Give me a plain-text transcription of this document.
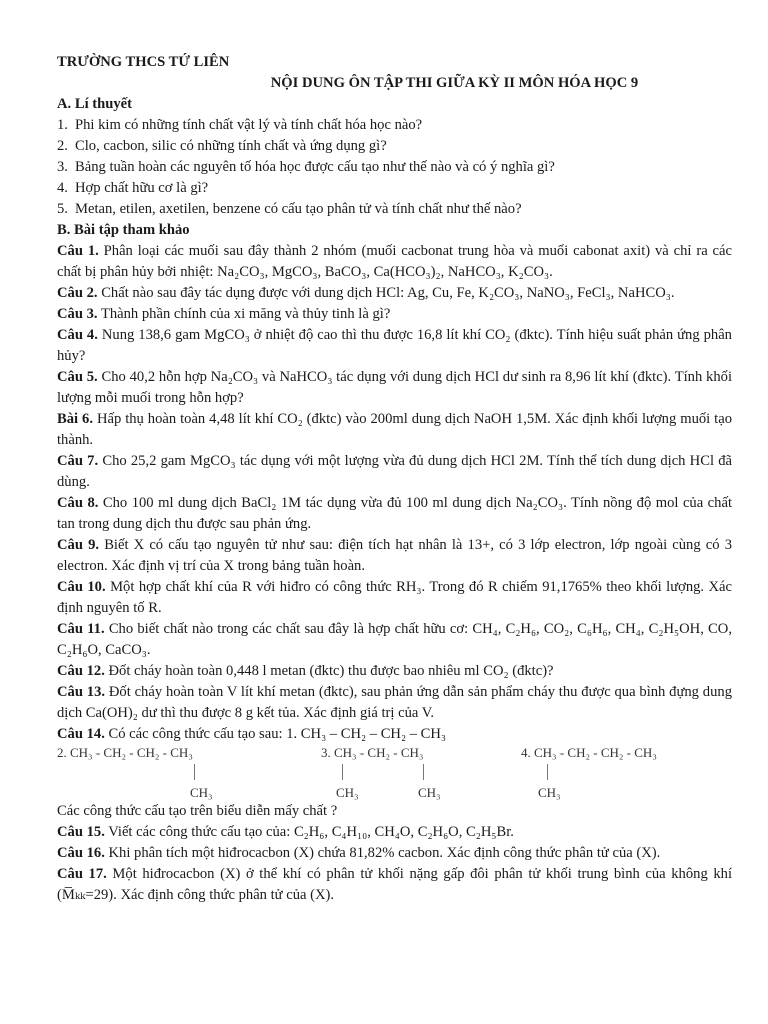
TRƯỜNG THCS TỨ LIÊN
NỘI DUNG ÔN TẬP THI GIỮA KỲ II MÔN HÓA HỌC 9
A. Lí thuyết
1. Phi kim có những tính chất vật lý và tính chất hóa học nào?
2. Clo, cacbon, silic có những tính chất và ứng dụng gì?
3. Bảng tuần hoàn các nguyên tố hóa học được cấu tạo như thế nào và có ý nghĩa gì?
4. Hợp chất hữu cơ là gì?
5. Metan, etilen, axetilen, benzene có cấu tạo phân tử và tính chất như thế nào?
B. Bài tập tham khảo

Câu 1. Phân loại các muối sau đây thành 2 nhóm (muối cacbonat trung hòa và muối cabonat axit) và chỉ ra các chất bị phân hủy bởi nhiệt: Na₂CO₃, MgCO₃, BaCO₃, Ca(HCO₃)₂, NaHCO₃, K₂CO₃.

Câu 2. Chất nào sau đây tác dụng được với dung dịch HCl: Ag, Cu, Fe, K₂CO₃, NaNO₃, FeCl₃, NaHCO₃.

Câu 3. Thành phần chính của xi măng và thủy tinh là gì?

Câu 4. Nung 138,6 gam MgCO₃ ở nhiệt độ cao thì thu được 16,8 lít khí CO₂ (đktc). Tính hiệu suất phản ứng phân hủy?

Câu 5. Cho 40,2 hỗn hợp Na₂CO₃ và NaHCO₃ tác dụng với dung dịch HCl dư sinh ra 8,96 lít khí (đktc). Tính khối lượng mỗi muối trong hỗn hợp?

Bài 6. Hấp thụ hoàn toàn 4,48 lít khí CO₂ (đktc) vào 200ml dung dịch NaOH 1,5M. Xác định khối lượng muối tạo thành.

Câu 7. Cho 25,2 gam MgCO₃ tác dụng với một lượng vừa đủ dung dịch HCl 2M. Tính thể tích dung dịch HCl đã dùng.

Câu 8. Cho 100 ml dung dịch BaCl₂ 1M tác dụng vừa đủ 100 ml dung dịch Na₂CO₃. Tính nồng độ mol của chất tan trong dung dịch thu được sau phản ứng.

Câu 9. Biết X có cấu tạo nguyên tử như sau: điện tích hạt nhân là 13+, có 3 lớp electron, lớp ngoài cùng có 3 electron. Xác định vị trí của X trong bảng tuần hoàn.

Câu 10. Một hợp chất khí của R với hiđro có công thức RH₃. Trong đó R chiếm 91,1765% theo khối lượng. Xác định nguyên tố R.

Câu 11. Cho biết chất nào trong các chất sau đây là hợp chất hữu cơ: CH₄, C₂H₆, CO₂, C₆H₆, CH₄, C₂H₅OH, CO, C₂H₆O, CaCO₃.

Câu 12. Đốt cháy hoàn toàn 0,448 l metan (đktc) thu được bao nhiêu ml CO₂ (đktc)?

Câu 13. Đốt cháy hoàn toàn V lít khí metan (đktc), sau phản ứng dẫn sản phẩm cháy thu được qua bình đựng dung dịch Ca(OH)₂ dư thì thu được 8 g kết tủa. Xác định giá trị của V.

Câu 14. Có các công thức cấu tạo sau: 1. CH₃ – CH₂ – CH₂ – CH₃

2. CH₃ - CH₂ - CH₂ - CH₃
CH₃
3. CH₃ - CH₂ - CH₃
CH₃	CH₃
4. CH₃ - CH₂ - CH₂ - CH₃
CH₃

Các công thức cấu tạo trên biểu diễn mấy chất ?

Câu 15. Viết các công thức cấu tạo của: C₂H₆, C₄H₁₀, CH₄O, C₂H₆O, C₂H₅Br.

Câu 16. Khi phân tích một hiđrocacbon (X) chứa 81,82% cacbon. Xác định công thức phân tử của (X).

Câu 17. Một hiđrocacbon (X) ở thể khí có phân tử khối nặng gấp đôi phân tử khối trung bình của không khí (M̅ₖₖ=29). Xác định công thức phân tử của (X).
